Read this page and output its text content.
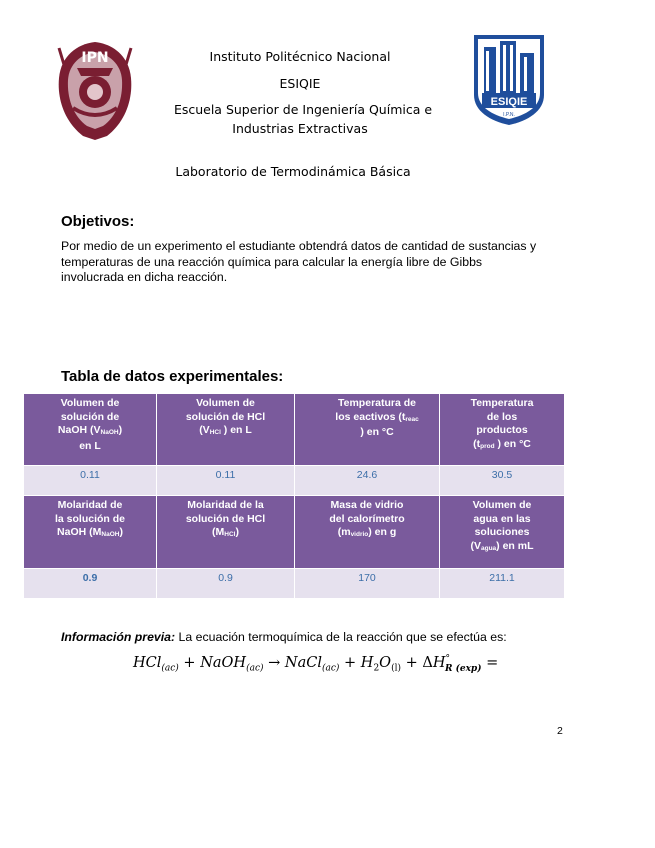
IPN	Instituto Politécnico Nacional
ESIQIE
Escuela Superior de Ingeniería Química e
Industrias Extractivas
Laboratorio de Termodinámica Básica
ESIQIE
I.P.N.
Objetivos:
Por medio de un experimento el estudiante obtendrá datos de cantidad de sustancias y
temperaturas de una reacción química para calcular la energía libre de Gibbs
involucrada en dicha reacción.
Tabla de datos experimentales:
Volumen de
solución de
NaOH $(V_{NaOH})$
en L	Volumen de
solución de HCl
($V_{HCl}$ ) en L	Temperatura de
los eactivos ($t_{reac}$
) en °C	Temperatura
de los
productos
($t_{prod}$ ) en °C

0.11	0.11	24.6	30.5

Molaridad de
la solución de
NaOH $(M_{NaOH})$	Molaridad de la
solución de HCl
$(M_{HCl})$	Masa de vidrio
del calorímetro
$(m_{vidrio})$ en g	Volumen de
agua en las
soluciones
$(V_{agua})$ en mL

0.9	0.9	170	211.1
Información previa: La ecuación termoquímica de la reacción que se efectúa es:
HCl$_{(ac)}$ + NaOH$_{(ac)}$ → NaCl$_{(ac)}$ + $H_2O_{(l)} + \Delta H^\circ_{R (exp)}$ =
2
